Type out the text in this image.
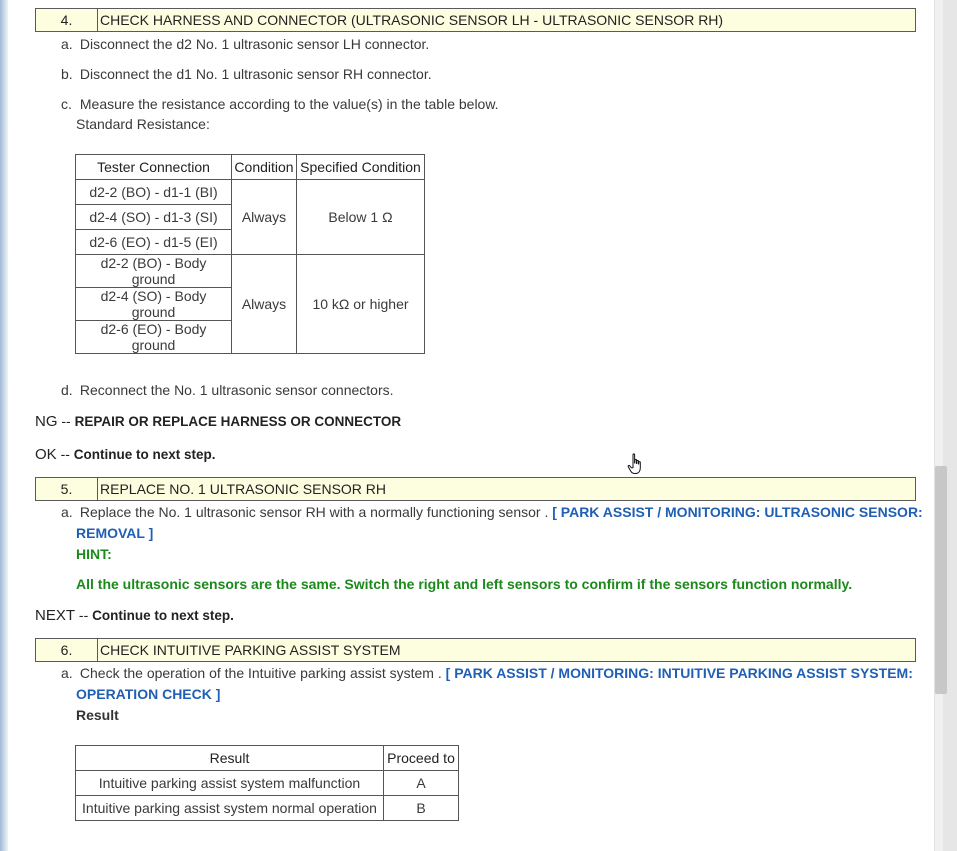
4.	CHECK HARNESS AND CONNECTOR (ULTRASONIC SENSOR LH - ULTRASONIC SENSOR RH)
a. Disconnect the d2 No. 1 ultrasonic sensor LH connector.
b. Disconnect the d1 No. 1 ultrasonic sensor RH connector.
c. Measure the resistance according to the value(s) in the table below.
Standard Resistance:
Tester Connection	Condition	Specified Condition
d2-2 (BO) - d1-1 (BI)	Always	Below 1 Ω
d2-4 (SO) - d1-3 (SI)		
d2-6 (EO) - d1-5 (EI)		
d2-2 (BO) - Body ground	Always	10 kΩ or higher
d2-4 (SO) - Body ground		
d2-6 (EO) - Body ground		
d. Reconnect the No. 1 ultrasonic sensor connectors.
NG -- REPAIR OR REPLACE HARNESS OR CONNECTOR
OK -- Continue to next step.
5.	REPLACE NO. 1 ULTRASONIC SENSOR RH
a. Replace the No. 1 ultrasonic sensor RH with a normally functioning sensor . [ PARK ASSIST / MONITORING: ULTRASONIC SENSOR:
REMOVAL ]
HINT:
All the ultrasonic sensors are the same. Switch the right and left sensors to confirm if the sensors function normally.
NEXT -- Continue to next step.
6.	CHECK INTUITIVE PARKING ASSIST SYSTEM
a. Check the operation of the Intuitive parking assist system . [ PARK ASSIST / MONITORING: INTUITIVE PARKING ASSIST SYSTEM:
OPERATION CHECK ]
Result
Result	Proceed to
Intuitive parking assist system malfunction	A
Intuitive parking assist system normal operation	B
